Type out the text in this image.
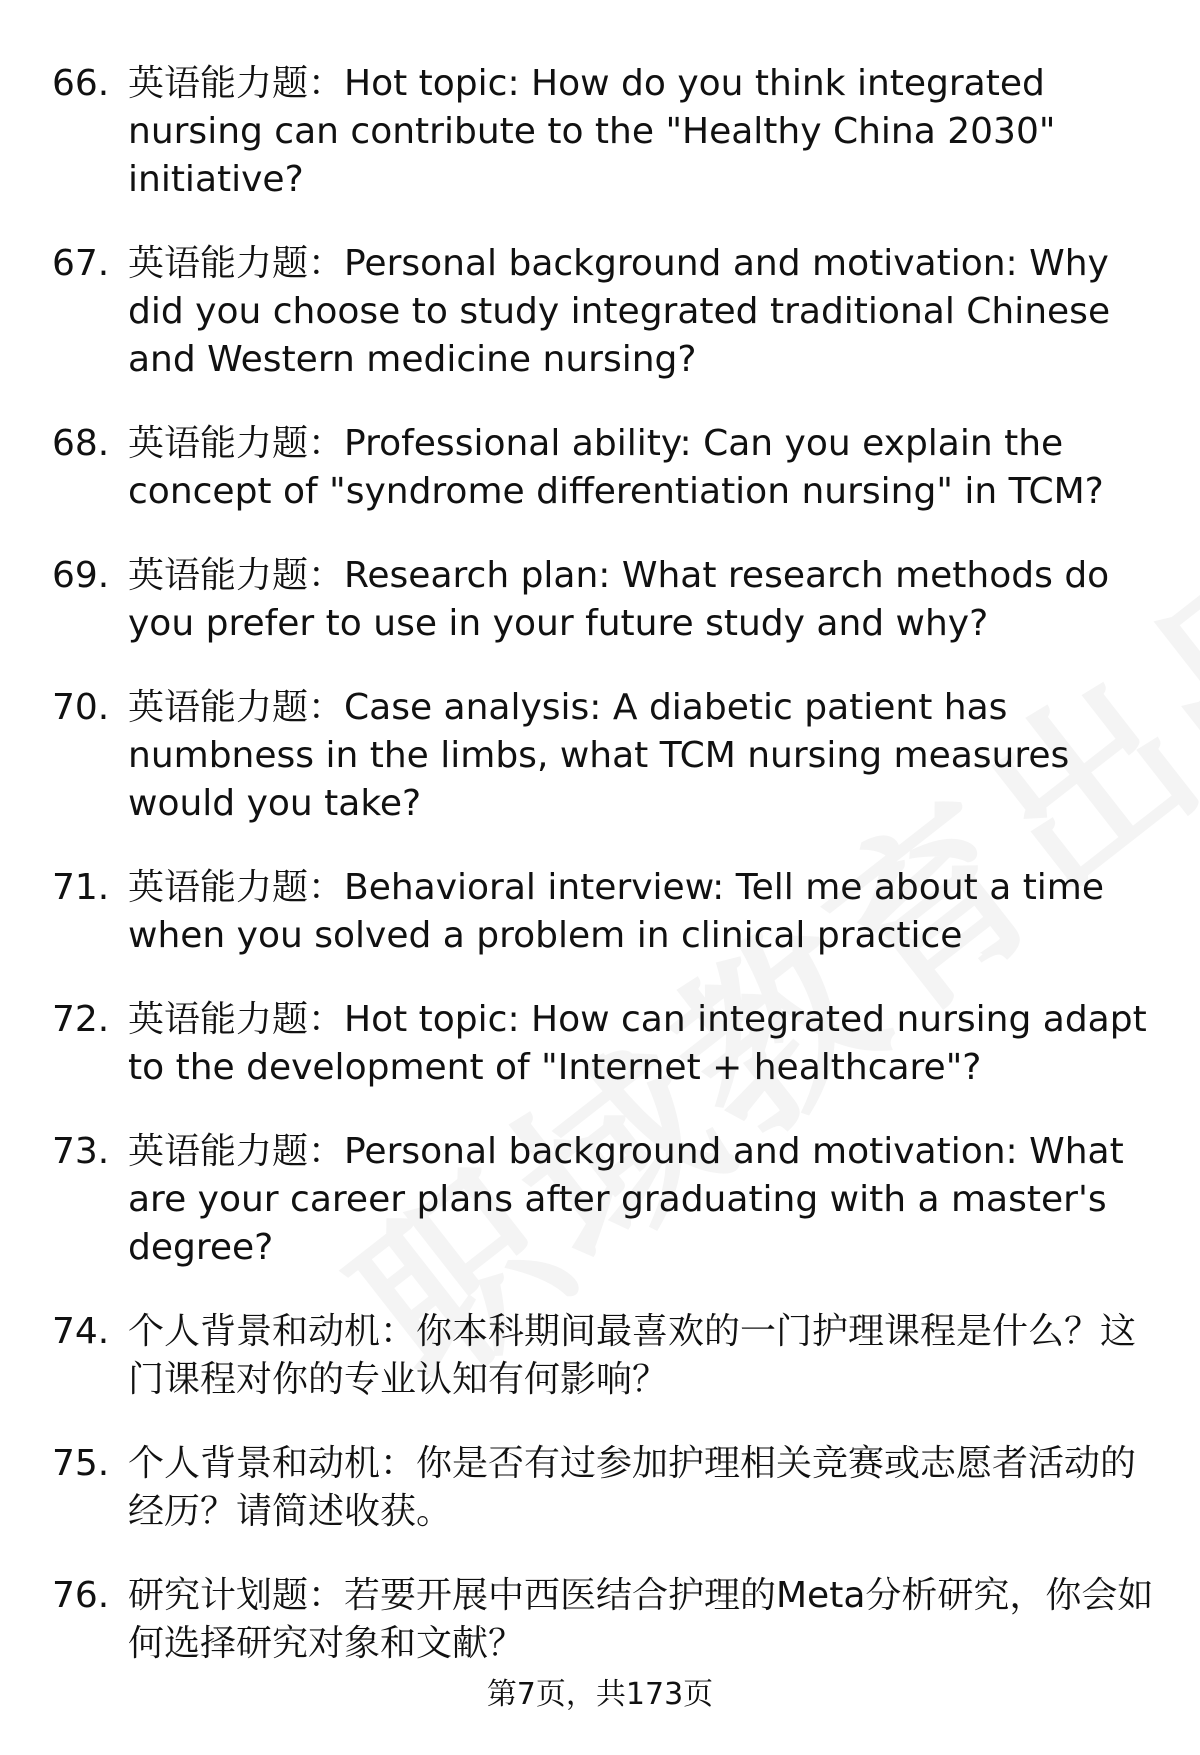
66. 英语能力题：Hot topic: How do you think integrated nursing can contribute to the "Healthy China 2030" initiative?
67. 英语能力题：Personal background and motivation: Why did you choose to study integrated traditional Chinese and Western medicine nursing?
68. 英语能力题：Professional ability: Can you explain the concept of "syndrome differentiation nursing" in TCM?
69. 英语能力题：Research plan: What research methods do you prefer to use in your future study and why?
70. 英语能力题：Case analysis: A diabetic patient has numbness in the limbs, what TCM nursing measures would you take?
71. 英语能力题：Behavioral interview: Tell me about a time when you solved a problem in clinical practice
72. 英语能力题：Hot topic: How can integrated nursing adapt to the development of "Internet + healthcare"?
73. 英语能力题：Personal background and motivation: What are your career plans after graduating with a master's degree?
74. 个人背景和动机：你本科期间最喜欢的一门护理课程是什么？这门课程对你的专业认知有何影响？
75. 个人背景和动机：你是否有过参加护理相关竞赛或志愿者活动的经历？请简述收获。
76. 研究计划题：若要开展中西医结合护理的Meta分析研究，你会如何选择研究对象和文献？
第7页，共173页
